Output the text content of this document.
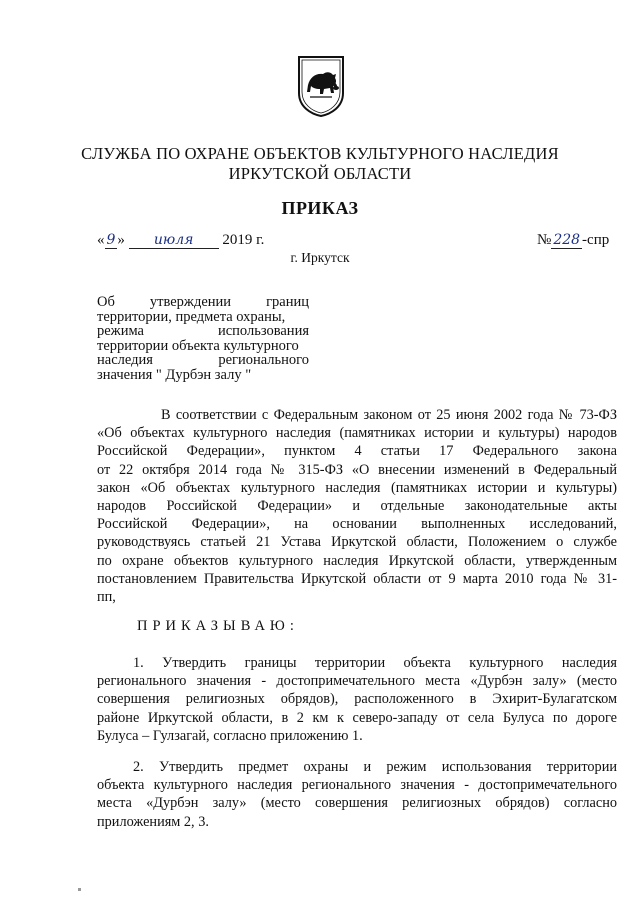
СЛУЖБА ПО ОХРАНЕ ОБЪЕКТОВ КУЛЬТУРНОГО НАСЛЕДИЯ
ИРКУТСКОЙ ОБЛАСТИ
ПРИКАЗ
« 9 » июля 2019 г.	№ 228 -спр
г. Иркутск
Об утверждении границ
территории, предмета охраны,
режима использования
территории объекта культурного
наследия регионального
значения " Дурбэн залу "
В соответствии с Федеральным законом от 25 июня 2002 года № 73-ФЗ
«Об объектах культурного наследия (памятниках истории и культуры) народов
Российской Федерации», пунктом 4 статьи 17 Федерального закона
от 22 октября 2014 года № 315-ФЗ «О внесении изменений в Федеральный
закон «Об объектах культурного наследия (памятниках истории и культуры)
народов Российской Федерации» и отдельные законодательные акты
Российской Федерации», на основании выполненных исследований,
руководствуясь статьей 21 Устава Иркутской области, Положением о службе
по охране объектов культурного наследия Иркутской области, утвержденным
постановлением Правительства Иркутской области от 9 марта 2010 года № 31-
пп,
ПРИКАЗЫВАЮ:
1. Утвердить границы территории объекта культурного наследия
регионального значения - достопримечательного места «Дурбэн залу» (место
совершения религиозных обрядов), расположенного в Эхирит-Булагатском
районе Иркутской области, в 2 км к северо-западу от села Булуса по дороге
Булуса – Гулзагай, согласно приложению 1.
2. Утвердить предмет охраны и режим использования территории
объекта культурного наследия регионального значения - достопримечательного
места «Дурбэн залу» (место совершения религиозных обрядов) согласно
приложениям 2, 3.
